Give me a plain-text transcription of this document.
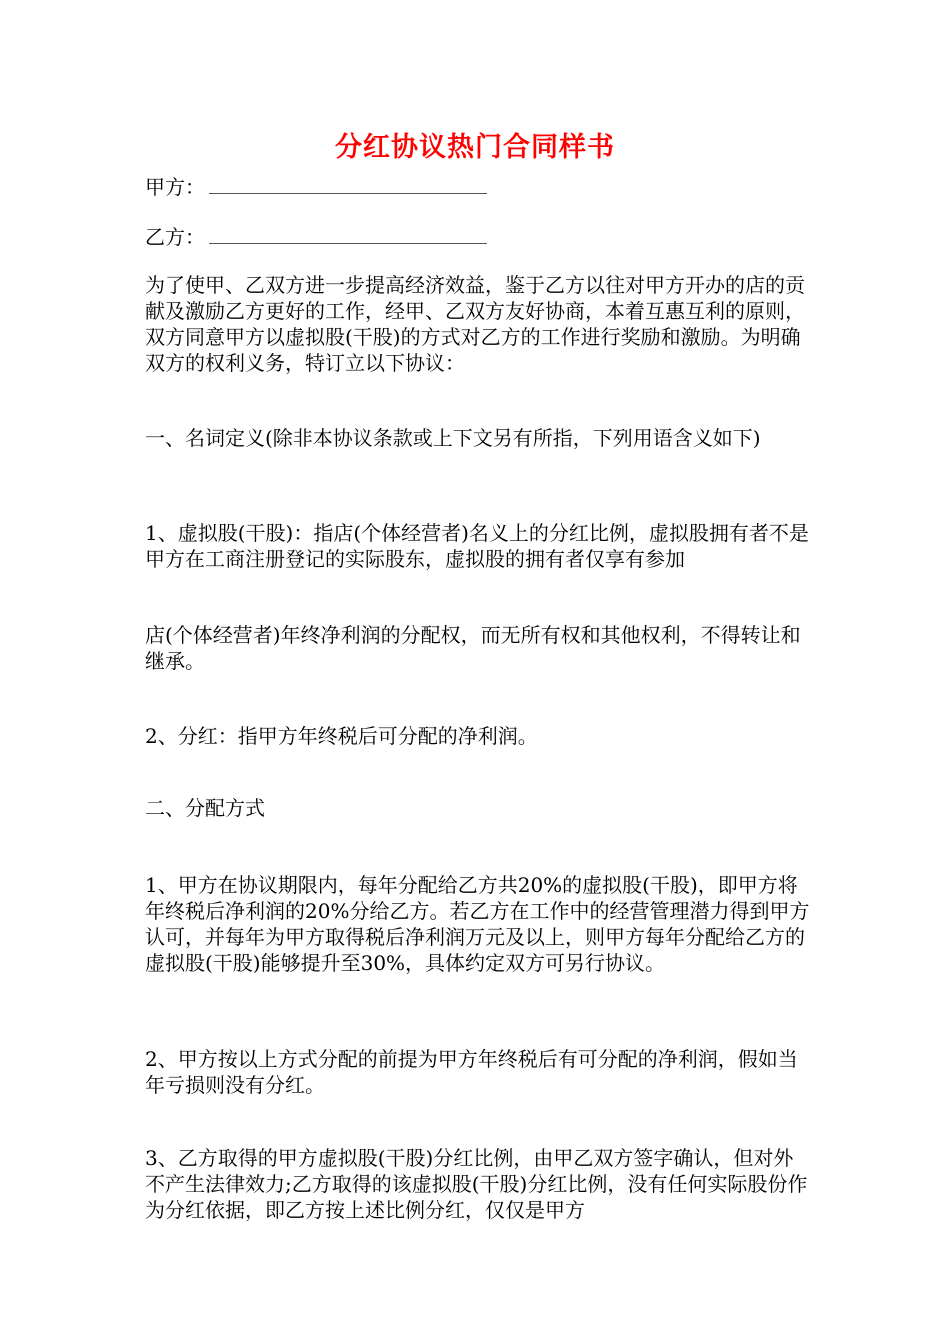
分红协议热门合同样书
甲方：
乙方：
为了使甲、乙双方进一步提高经济效益，鉴于乙方以往对甲方开办的店的贡献及激励乙方更好的工作，经甲、乙双方友好协商，本着互惠互利的原则，双方同意甲方以虚拟股(干股)的方式对乙方的工作进行奖励和激励。为明确双方的权利义务，特订立以下协议：
一、名词定义(除非本协议条款或上下文另有所指，下列用语含义如下)
1、虚拟股(干股)：指店(个体经营者)名义上的分红比例，虚拟股拥有者不是甲方在工商注册登记的实际股东，虚拟股的拥有者仅享有参加
店(个体经营者)年终净利润的分配权，而无所有权和其他权利，不得转让和继承。
2、分红：指甲方年终税后可分配的净利润。
二、分配方式
1、甲方在协议期限内，每年分配给乙方共20%的虚拟股(干股)，即甲方将年终税后净利润的20%分给乙方。若乙方在工作中的经营管理潜力得到甲方认可，并每年为甲方取得税后净利润万元及以上，则甲方每年分配给乙方的虚拟股(干股)能够提升至30%，具体约定双方可另行协议。
2、甲方按以上方式分配的前提为甲方年终税后有可分配的净利润，假如当年亏损则没有分红。
3、乙方取得的甲方虚拟股(干股)分红比例，由甲乙双方签字确认，但对外不产生法律效力;乙方取得的该虚拟股(干股)分红比例，没有任何实际股份作为分红依据，即乙方按上述比例分红，仅仅是甲方
